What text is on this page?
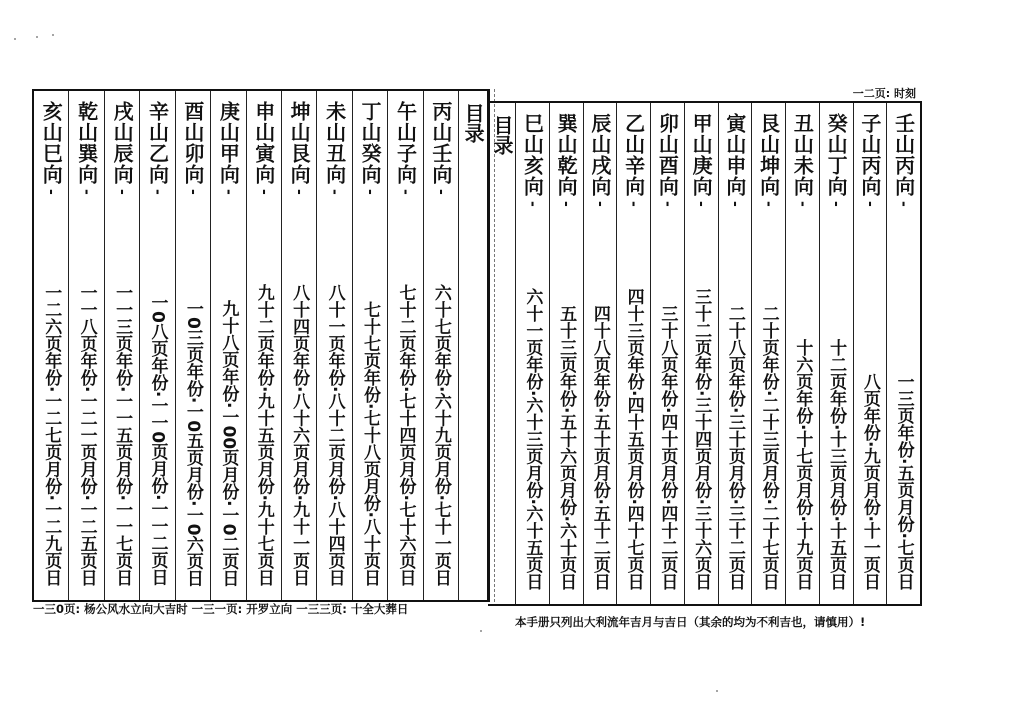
一二页: 时刻
亥山巳向 -
一二六页年份·一二七页月份·一二九页日
乾山巽向 -
一一八页年份·一二一页月份·一二五页日
戌山辰向 -
一一三页年份·一一五页月份·一一七页日
辛山乙向 -
一0八页年份·一一0页月份·一一二页日
酉山卯向 -
一0三页年份·一0五页月份·一0六页日
庚山甲向 -
九十八页年份·一00页月份·一0二页日
申山寅向 -
九十二页年份·九十五页月份·九十七页日
坤山艮向 -
八十四页年份·八十六页月份·九十一页日
未山丑向 -
八十一页年份·八十二页月份·八十四页日
丁山癸向 -
七十七页年份·七十八页月份·八十页日
午山子向 -
七十二页年份·七十四页月份·七十六页日
丙山壬向 -
六十七页年份·六十九页月份·七十一页日
目录 目录 巳山亥向 -
六十一页年份·六十三页月份·六十五页日
巽山乾向 -
五十三页年份·五十六页月份·六十页日
辰山戌向 -
四十八页年份·五十页月份·五十二页日
乙山辛向 -
四十三页年份·四十五页月份·四十七页日
卯山酉向 -
三十八页年份·四十页月份·四十二页日
甲山庚向 -
三十二页年份·三十四页月份·三十六页日
寅山申向 -
二十八页年份·三十页月份·三十二页日
艮山坤向 -
二十页年份·二十三页月份·二十七页日
丑山未向 -
十六页年份·十七页月份·十九页日
癸山丁向 -
十二页年份·十三页月份·十五页日
子山丙向 -
八页年份·九页月份·十一页日
壬山丙向 -
一三页年份·五页月份·七页日
一三0页: 杨公风水立向大吉时 一三一页: 开罗立向 一三三页: 十全大葬日
本手册只列出大利流年吉月与吉日（其余的均为不利吉也，请慎用）!
